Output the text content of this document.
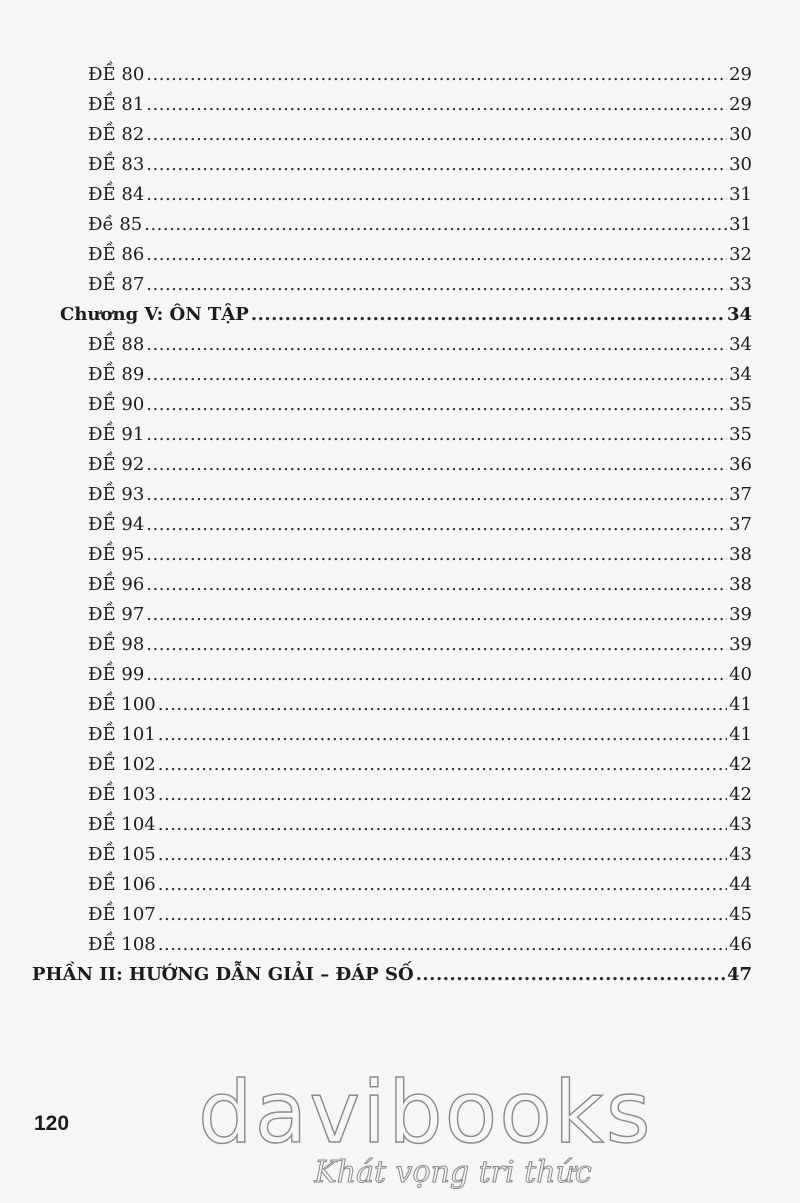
ĐỀ 80 .....	29
ĐỀ 81 .....	29
ĐỀ 82 .....	30
ĐỀ 83 .....	30
ĐỀ 84 .....	31
Đề 85 .....	31
ĐỀ 86 .....	32
ĐỀ 87 .....	33
Chương V: ÔN TẬP .....	34
ĐỀ 88 .....	34
ĐỀ 89 .....	34
ĐỀ 90 .....	35
ĐỀ 91 .....	35
ĐỀ 92 .....	36
ĐỀ 93 .....	37
ĐỀ 94 .....	37
ĐỀ 95 .....	38
ĐỀ 96 .....	38
ĐỀ 97 .....	39
ĐỀ 98 .....	39
ĐỀ 99 .....	40
ĐỀ 100 .....	41
ĐỀ 101 .....	41
ĐỀ 102 .....	42
ĐỀ 103 .....	42
ĐỀ 104 .....	43
ĐỀ 105 .....	43
ĐỀ 106 .....	44
ĐỀ 107 .....	45
ĐỀ 108 .....	46
PHẦN II: HƯỚNG DẪN GIẢI – ĐÁP SỐ .....	47
120 davibooks
Khát vọng tri thức
